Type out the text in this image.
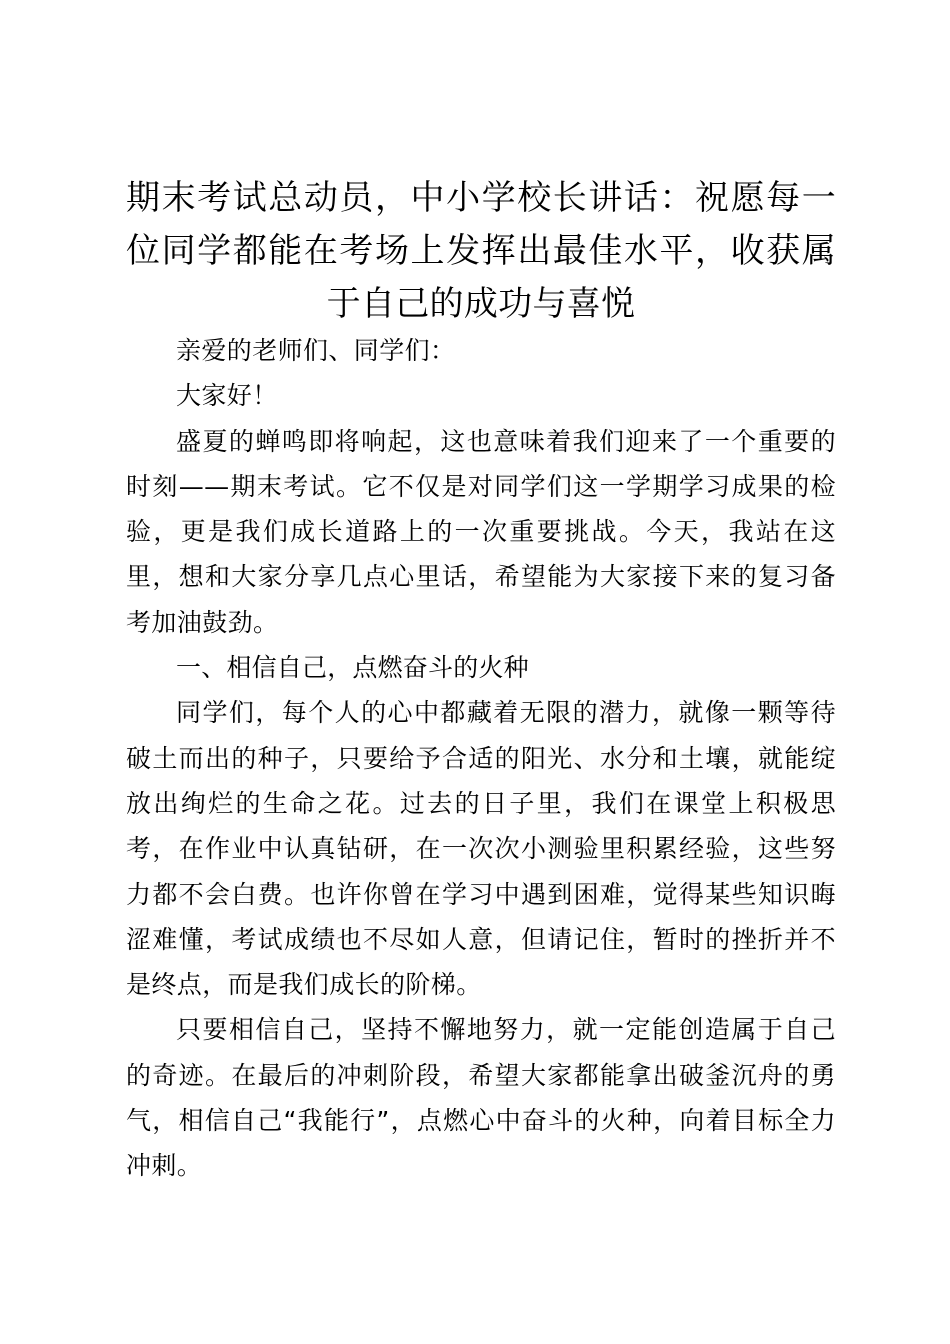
期末考试总动员，中小学校长讲话：祝愿每一位同学都能在考场上发挥出最佳水平，收获属于自己的成功与喜悦

亲爱的老师们、同学们：

大家好！

盛夏的蝉鸣即将响起，这也意味着我们迎来了一个重要的时刻——期末考试。它不仅是对同学们这一学期学习成果的检验，更是我们成长道路上的一次重要挑战。今天，我站在这里，想和大家分享几点心里话，希望能为大家接下来的复习备考加油鼓劲。

一、相信自己，点燃奋斗的火种

同学们，每个人的心中都藏着无限的潜力，就像一颗等待破土而出的种子，只要给予合适的阳光、水分和土壤，就能绽放出绚烂的生命之花。过去的日子里，我们在课堂上积极思考，在作业中认真钻研，在一次次小测验里积累经验，这些努力都不会白费。也许你曾在学习中遇到困难，觉得某些知识晦涩难懂，考试成绩也不尽如人意，但请记住，暂时的挫折并不是终点，而是我们成长的阶梯。

只要相信自己，坚持不懈地努力，就一定能创造属于自己的奇迹。在最后的冲刺阶段，希望大家都能拿出破釜沉舟的勇气，相信自己“我能行”，点燃心中奋斗的火种，向着目标全力冲刺。
